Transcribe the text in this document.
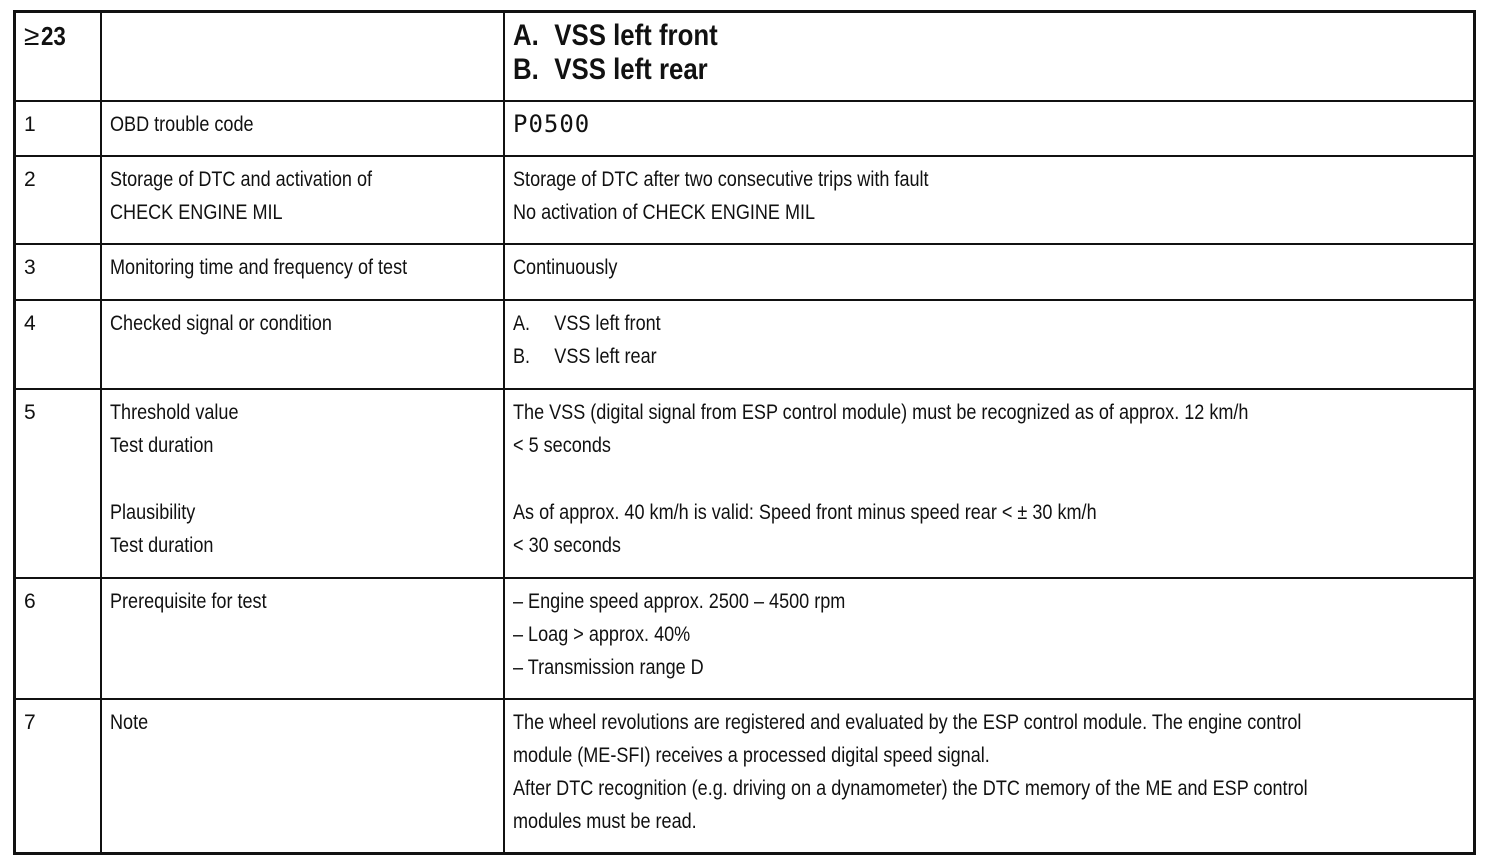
≥23		A. VSS left front
B. VSS left rear

1	OBD trouble code	P0500

2	Storage of DTC and activation of
CHECK ENGINE MIL	Storage of DTC after two consecutive trips with fault
No activation of CHECK ENGINE MIL

3	Monitoring time and frequency of test	Continuously

4	Checked signal or condition	A. VSS left front
B. VSS left rear

5	Threshold value
Test duration
Plausibility
Test duration	The VSS (digital signal from ESP control module) must be recognized as of approx. 12 km/h
< 5 seconds
As of approx. 40 km/h is valid: Speed front minus speed rear < ± 30 km/h
< 30 seconds

6	Prerequisite for test	– Engine speed approx. 2500 – 4500 rpm
– Loag > approx. 40%
– Transmission range D

7	Note	The wheel revolutions are registered and evaluated by the ESP control module. The engine control
module (ME-SFI) receives a processed digital speed signal.
After DTC recognition (e.g. driving on a dynamometer) the DTC memory of the ME and ESP control
modules must be read.
